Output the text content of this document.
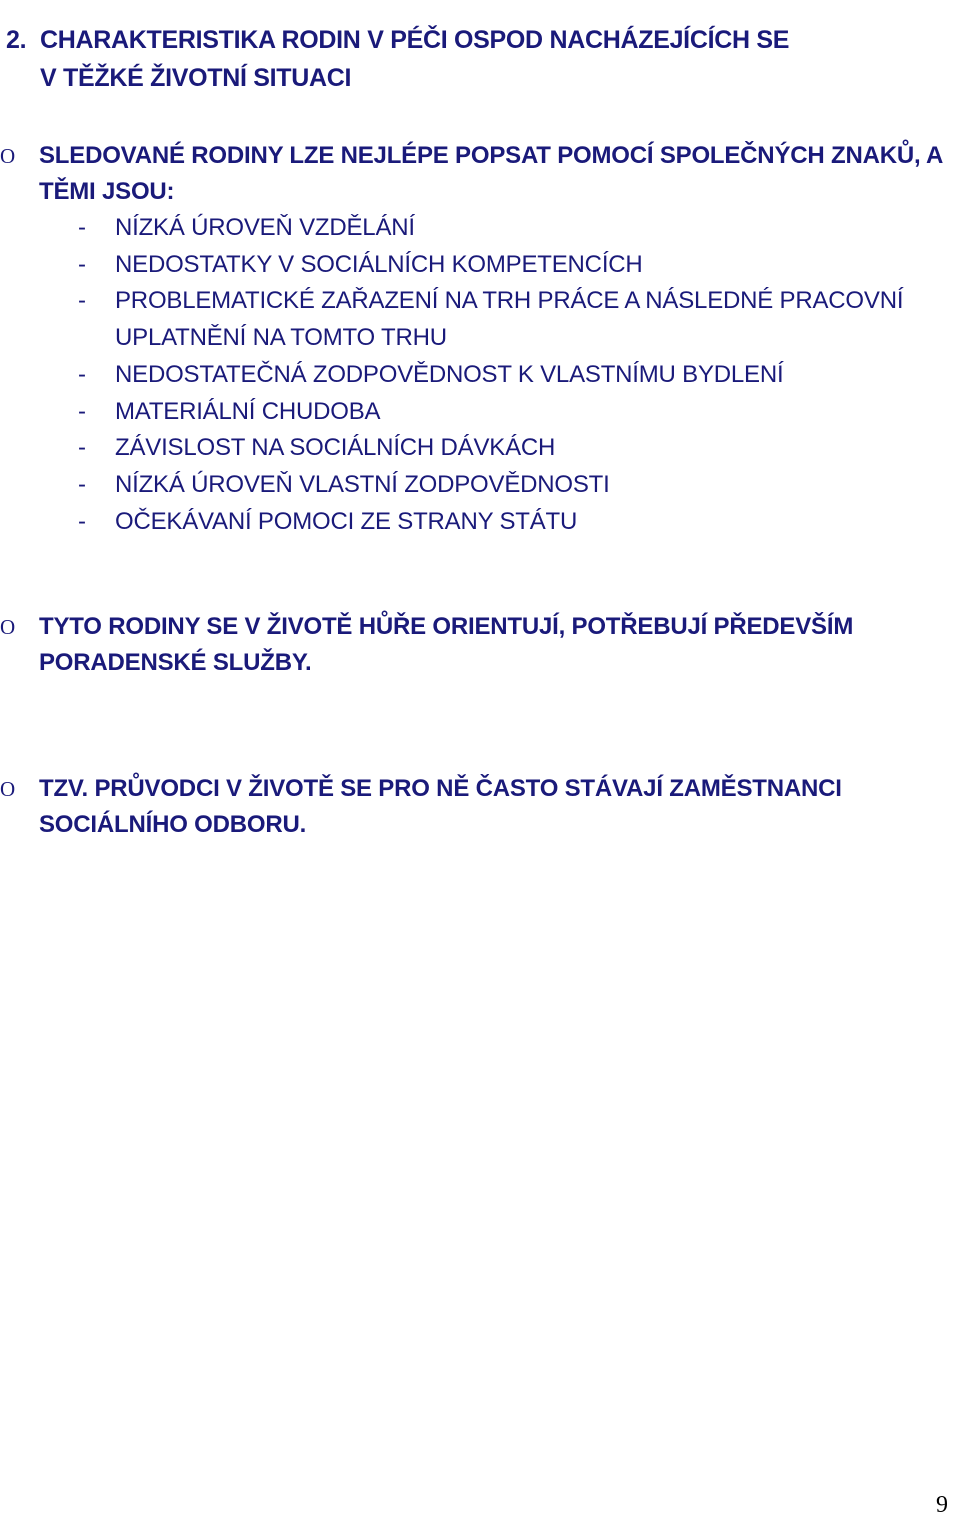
2. CHARAKTERISTIKA RODIN V PÉČI OSPOD NACHÁZEJÍCÍCH SE
V TĚŽKÉ ŽIVOTNÍ SITUACI
O SLEDOVANÉ RODINY LZE NEJLÉPE POPSAT POMOCÍ SPOLEČNÝCH ZNAKŮ, A TĚMI JSOU:
- NÍZKÁ ÚROVEŇ VZDĚLÁNÍ
- NEDOSTATKY V SOCIÁLNÍCH KOMPETENCÍCH
- PROBLEMATICKÉ ZAŘAZENÍ NA TRH PRÁCE A NÁSLEDNÉ PRACOVNÍ UPLATNĚNÍ NA TOMTO TRHU
- NEDOSTATEČNÁ ZODPOVĚDNOST K VLASTNÍMU BYDLENÍ
- MATERIÁLNÍ CHUDOBA
- ZÁVISLOST NA SOCIÁLNÍCH DÁVKÁCH
- NÍZKÁ ÚROVEŇ VLASTNÍ ZODPOVĚDNOSTI
- OČEKÁVANÍ POMOCI ZE STRANY STÁTU
O TYTO RODINY SE V ŽIVOTĚ HŮŘE ORIENTUJÍ, POTŘEBUJÍ PŘEDEVŠÍM PORADENSKÉ SLUŽBY.
O TZV. PRŮVODCI V ŽIVOTĚ SE PRO NĚ ČASTO STÁVAJÍ ZAMĚSTNANCI SOCIÁLNÍHO ODBORU.
9
